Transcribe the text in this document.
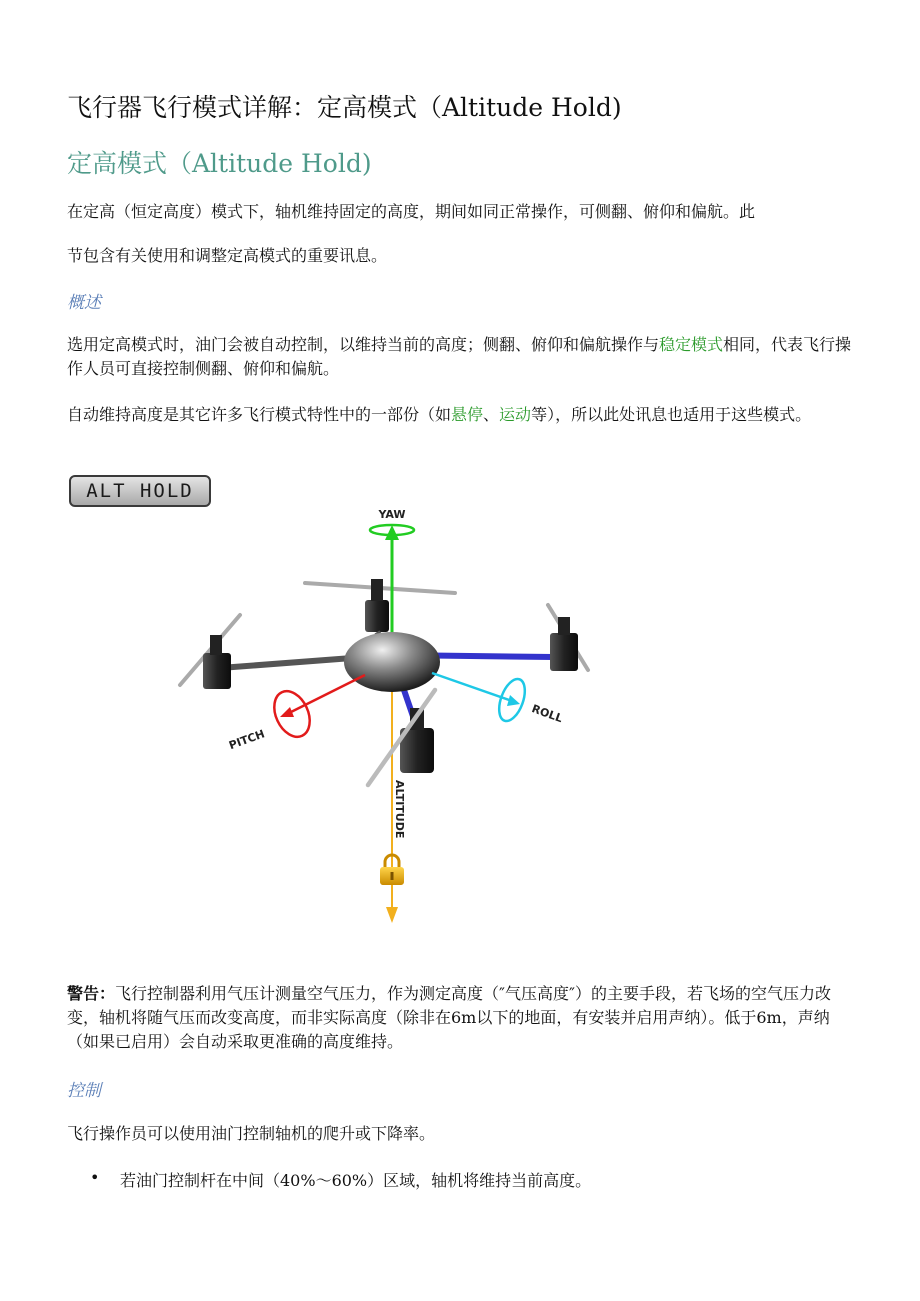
飞行器飞行模式详解：定高模式（Altitude Hold)
定高模式（Altitude Hold)

在定高（恒定高度）模式下，轴机维持固定的高度，期间如同正常操作，可侧翻、俯仰和偏航。此
节包含有关使用和调整定高模式的重要讯息。

概述

选用定高模式时，油门会被自动控制，以维持当前的高度；侧翻、俯仰和偏航操作与稳定模式相同，代表飞行操作人员可直接控制侧翻、俯仰和偏航。

自动维持高度是其它许多飞行模式特性中的一部份（如悬停、运动等），所以此处讯息也适用于这些模式。

ALT HOLD
YAW
PITCH
ROLL
ALTITUDE

警告：飞行控制器利用气压计测量空气压力，作为测定高度（″气压高度″）的主要手段，若飞场的空气压力改变，轴机将随气压而改变高度，而非实际高度（除非在6m以下的地面，有安装并启用声纳）。低于6m，声纳（如果已启用）会自动采取更准确的高度维持。

控制

飞行操作员可以使用油门控制轴机的爬升或下降率。

• 若油门控制杆在中间（40%～60%）区域，轴机将维持当前高度。
